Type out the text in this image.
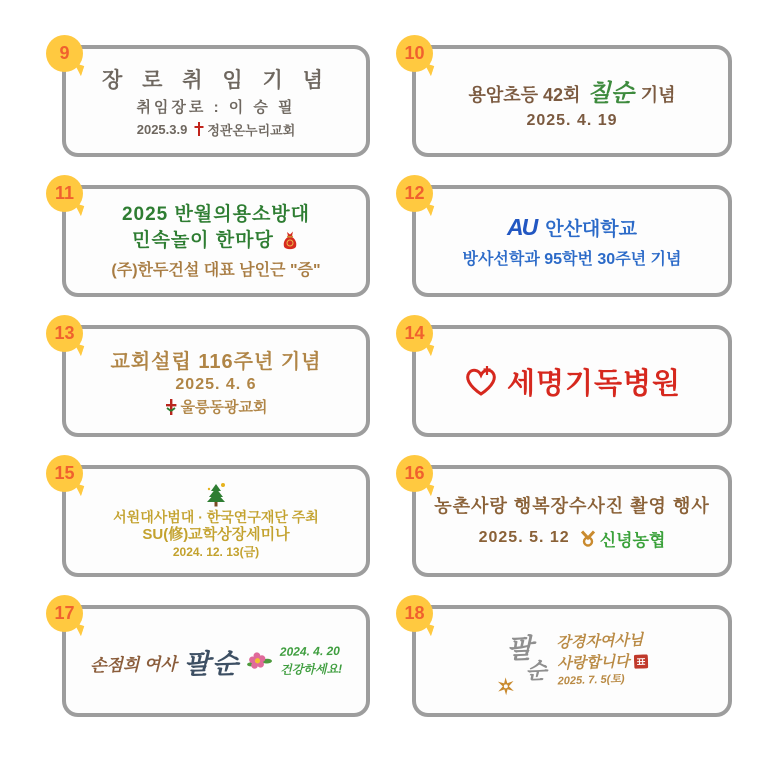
9
장 로 취 임 기 념
취임장로 : 이 승 필
2025.3.9 정관온누리교회
10
용암초등 42회 칠순 기념
2025. 4. 19
11
2025 반월의용소방대
민속놀이 한마당
(주)한두건설 대표 남인근 "증"
12
AU 안산대학교
방사선학과 95학번 30주년 기념
13
교회설립 116주년 기념
2025. 4. 6
울릉동광교회
14
세명기독병원
15
서원대사범대 · 한국연구재단 주최
SU(修)교학상장세미나
2024. 12. 13(금)
16
농촌사랑 행복장수사진 촬영 행사
2025. 5. 12 신녕농협
17
손점희 여사 팔순	2024. 4. 20
건강하세요!
18
팔
순
강경자여사님
사랑합니다
2025. 7. 5(토)
